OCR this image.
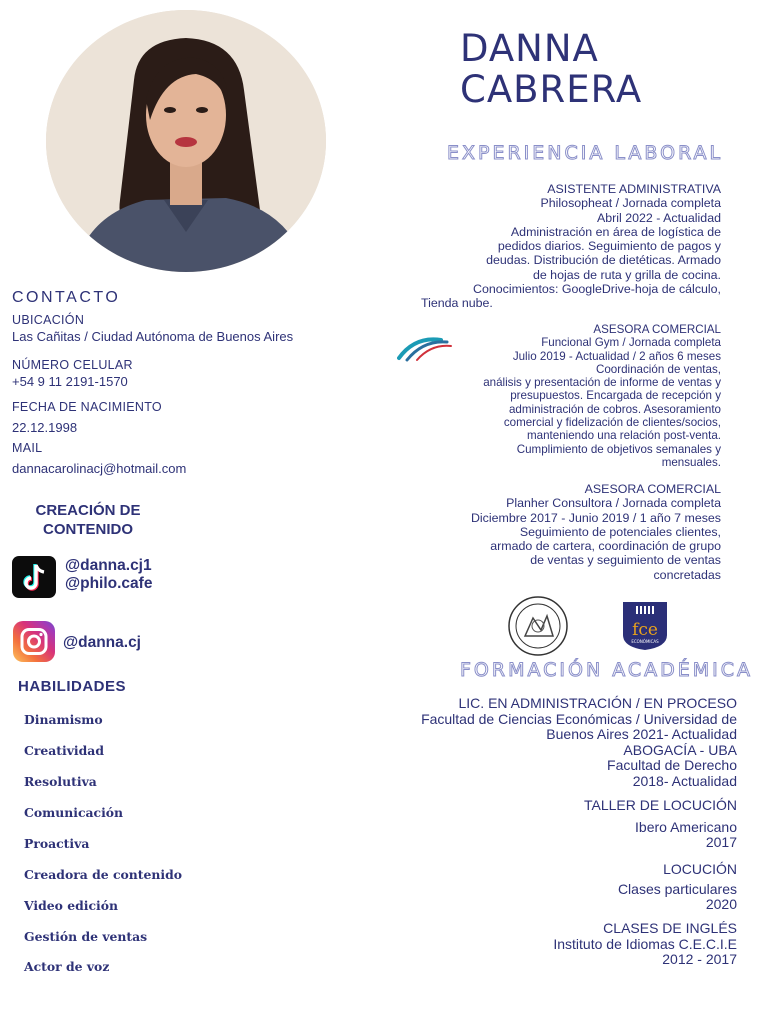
DANNA
CABRERA
EXPERIENCIA LABORAL
ASISTENTE ADMINISTRATIVA
Philosopheat / Jornada completa
Abril 2022 - Actualidad
Administración en área de logística de
pedidos diarios. Seguimiento de pagos y
deudas. Distribución de dietéticas. Armado
de hojas de ruta y grilla de cocina.
Conocimientos: GoogleDrive-hoja de cálculo,
Tienda nube.
ASESORA COMERCIAL
Funcional Gym / Jornada completa
Julio 2019 - Actualidad / 2 años 6 meses
Coordinación de ventas,
análisis y presentación de informe de ventas y
presupuestos. Encargada de recepción y
administración de cobros. Asesoramiento
comercial y fidelización de clientes/socios,
manteniendo una relación post-venta.
Cumplimiento de objetivos semanales y
mensuales.
ASESORA COMERCIAL
Planher Consultora / Jornada completa
Diciembre 2017 - Junio 2019 / 1 año 7 meses
Seguimiento de potenciales clientes,
armado de cartera, coordinación de grupo
de ventas y seguimiento de ventas
concretadas
fce
ECONÓMICAS
FORMACIÓN ACADÉMICA
LIC. EN ADMINISTRACIÓN / EN PROCESO
Facultad de Ciencias Económicas / Universidad de
Buenos Aires 2021- Actualidad
ABOGACÍA - UBA
Facultad de Derecho
2018- Actualidad
TALLER DE LOCUCIÓN
Ibero Americano
2017
LOCUCIÓN
Clases particulares
2020
CLASES DE INGLÉS
Instituto de Idiomas C.E.C.I.E
2012 - 2017
CONTACTO
UBICACIÓN
Las Cañitas / Ciudad Autónoma de Buenos Aires
NÚMERO CELULAR
+54 9 11 2191-1570
FECHA DE NACIMIENTO
22.12.1998
MAIL
dannacarolinacj@hotmail.com
CREACIÓN DE
CONTENIDO
@danna.cj1
@philo.cafe
@danna.cj
HABILIDADES
Dinamismo
Creatividad
Resolutiva
Comunicación
Proactiva
Creadora de contenido
Video edición
Gestión de ventas
Actor de voz
